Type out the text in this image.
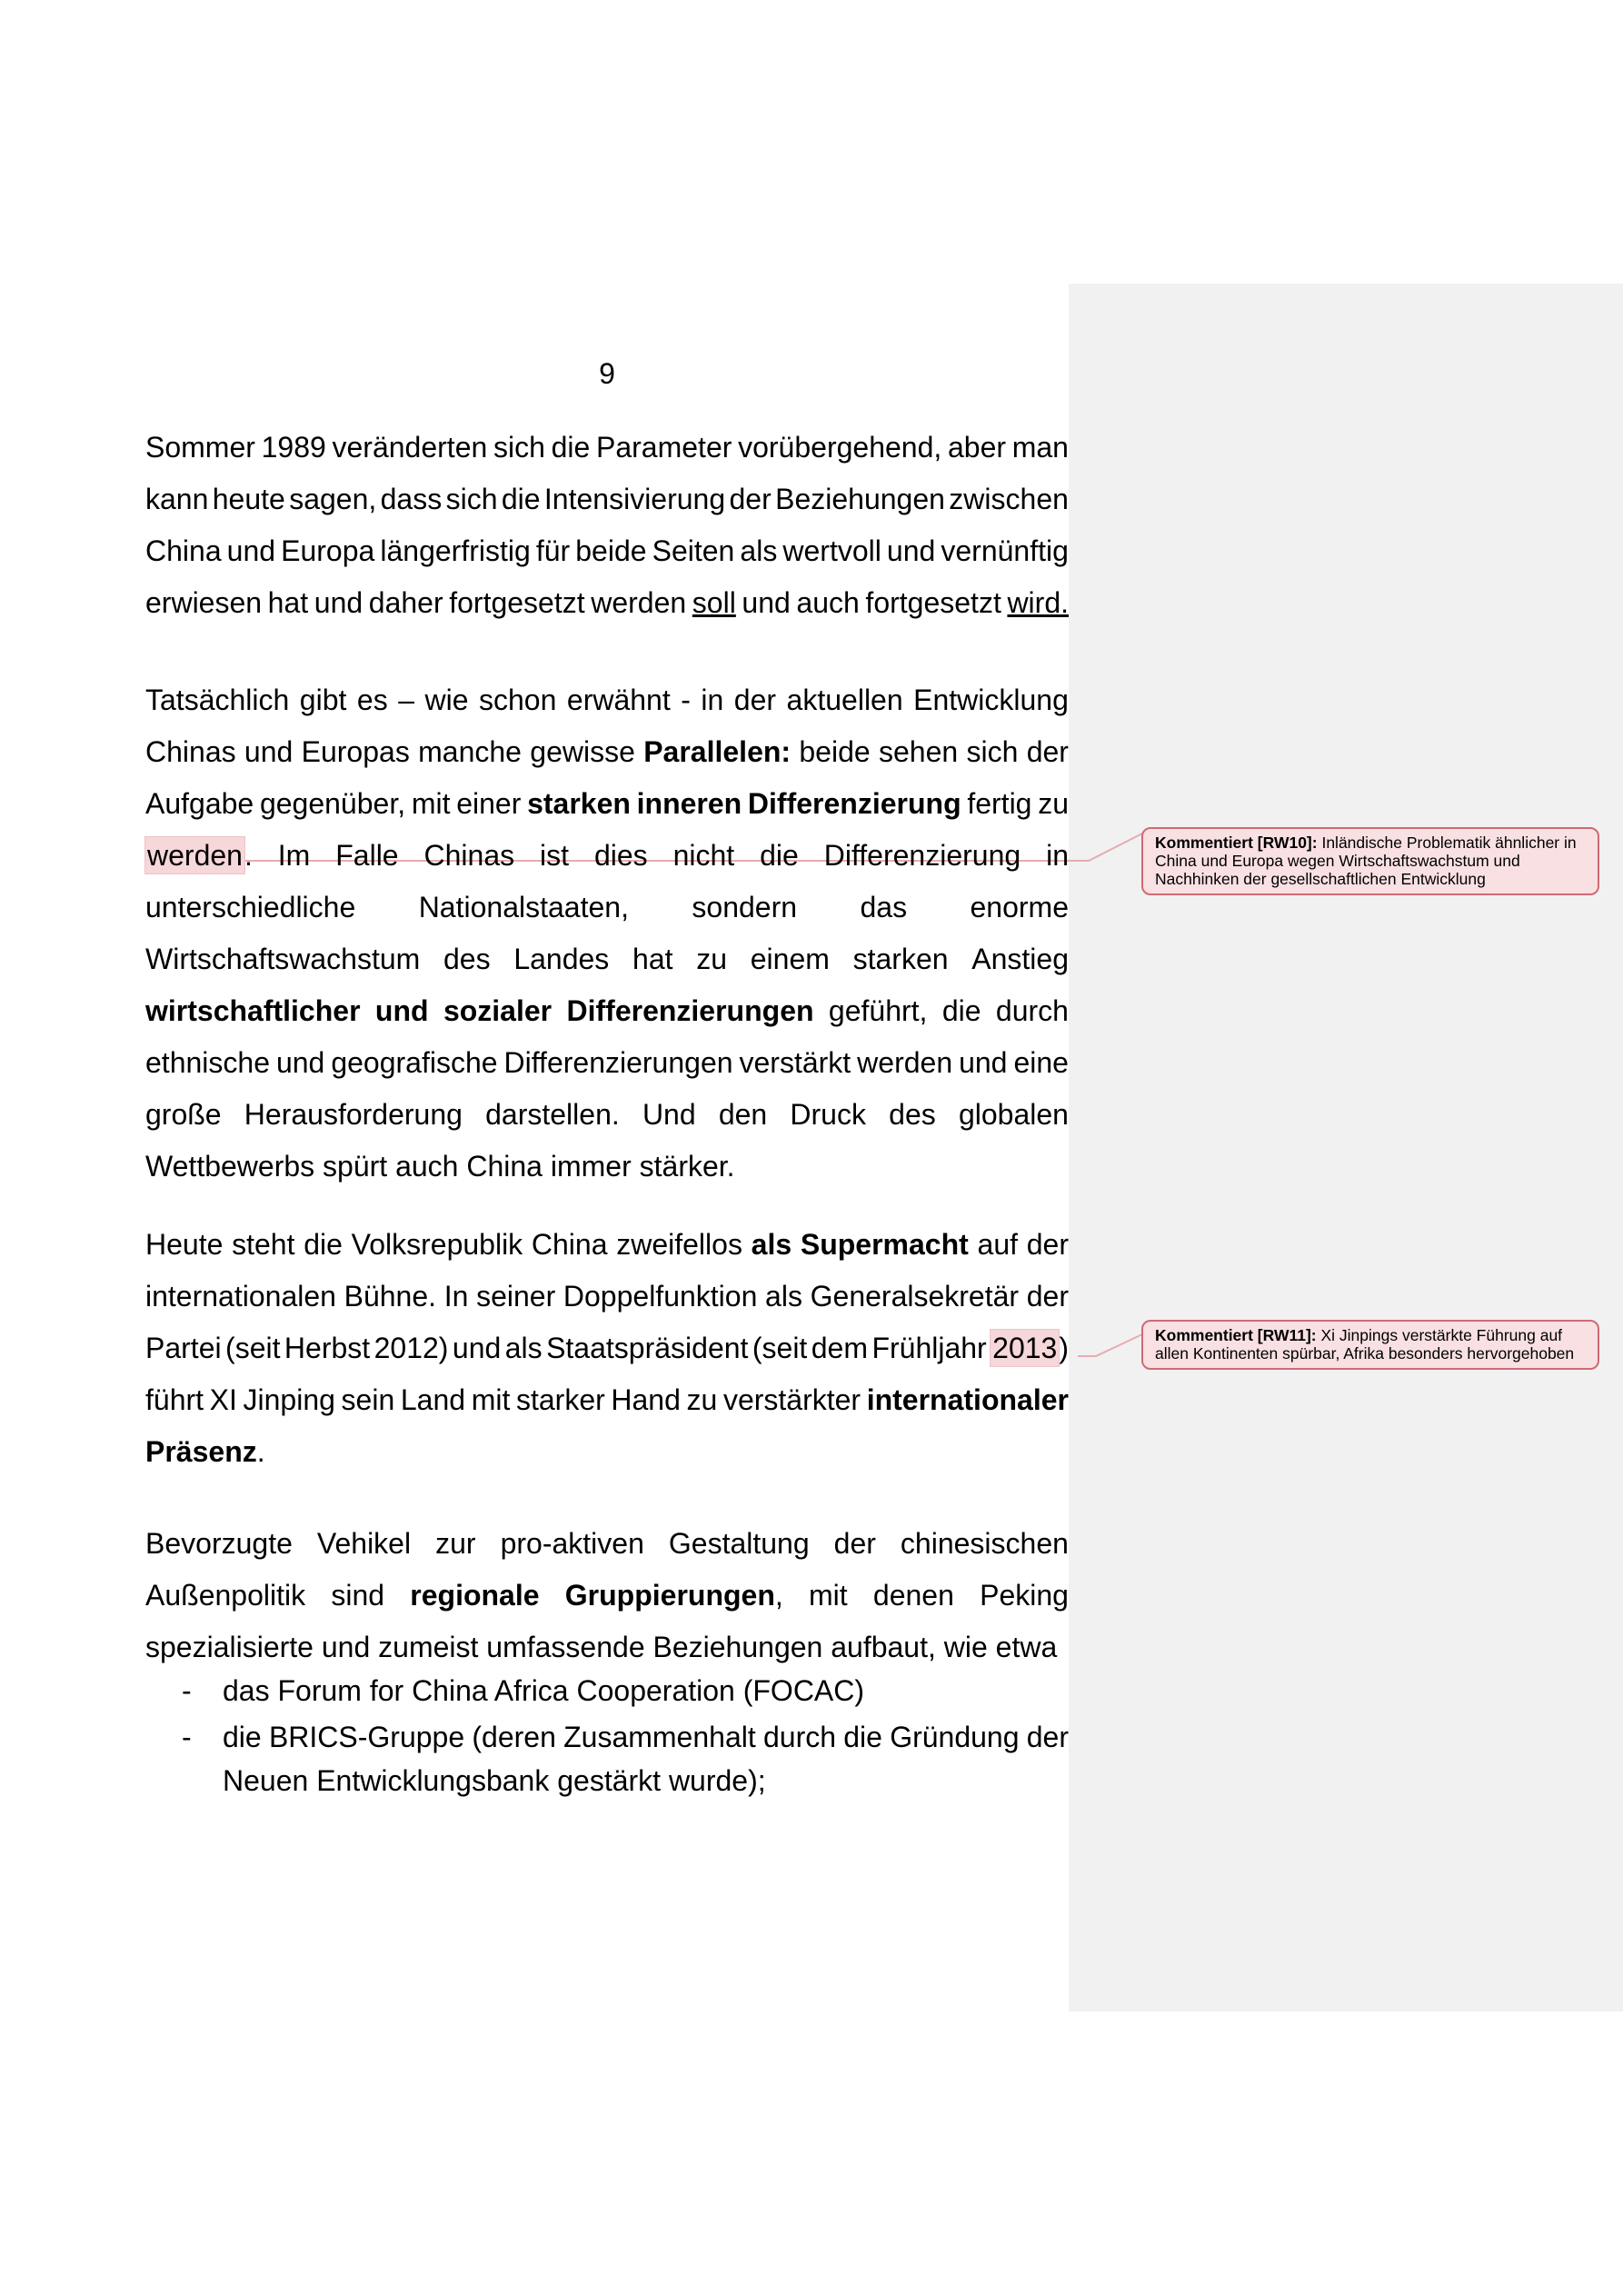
9
Sommer 1989 veränderten sich die Parameter vorübergehend, aber man
kann heute sagen, dass sich die Intensivierung der Beziehungen zwischen
China und Europa längerfristig für beide Seiten als wertvoll und vernünftig
erwiesen hat und daher fortgesetzt werden soll und auch fortgesetzt wird.
Tatsächlich gibt es – wie schon erwähnt - in der aktuellen Entwicklung
Chinas und Europas manche gewisse Parallelen: beide sehen sich der
Aufgabe gegenüber, mit einer starken inneren Differenzierung fertig zu
werden. Im Falle Chinas ist dies nicht die Differenzierung in
unterschiedliche Nationalstaaten, sondern das enorme
Wirtschaftswachstum des Landes hat zu einem starken Anstieg
wirtschaftlicher und sozialer Differenzierungen geführt, die durch
ethnische und geografische Differenzierungen verstärkt werden und eine
große Herausforderung darstellen. Und den Druck des globalen
Wettbewerbs spürt auch China immer stärker.
Heute steht die Volksrepublik China zweifellos als Supermacht auf der
internationalen Bühne. In seiner Doppelfunktion als Generalsekretär der
Partei (seit Herbst 2012) und als Staatspräsident (seit dem Frühljahr 2013)
führt XI Jinping sein Land mit starker Hand zu verstärkter internationaler
Präsenz.
Bevorzugte Vehikel zur pro-aktiven Gestaltung der chinesischen
Außenpolitik sind regionale Gruppierungen, mit denen Peking
spezialisierte und zumeist umfassende Beziehungen aufbaut, wie etwa
- das Forum for China Africa Cooperation (FOCAC)
- die BRICS-Gruppe (deren Zusammenhalt durch die Gründung der
Neuen Entwicklungsbank gestärkt wurde);
Kommentiert [RW10]: Inländische Problematik ähnlicher in China und Europa wegen Wirtschaftswachstum und Nachhinken der gesellschaftlichen Entwicklung
Kommentiert [RW11]: Xi Jinpings verstärkte Führung auf allen Kontinenten spürbar, Afrika besonders hervorgehoben
